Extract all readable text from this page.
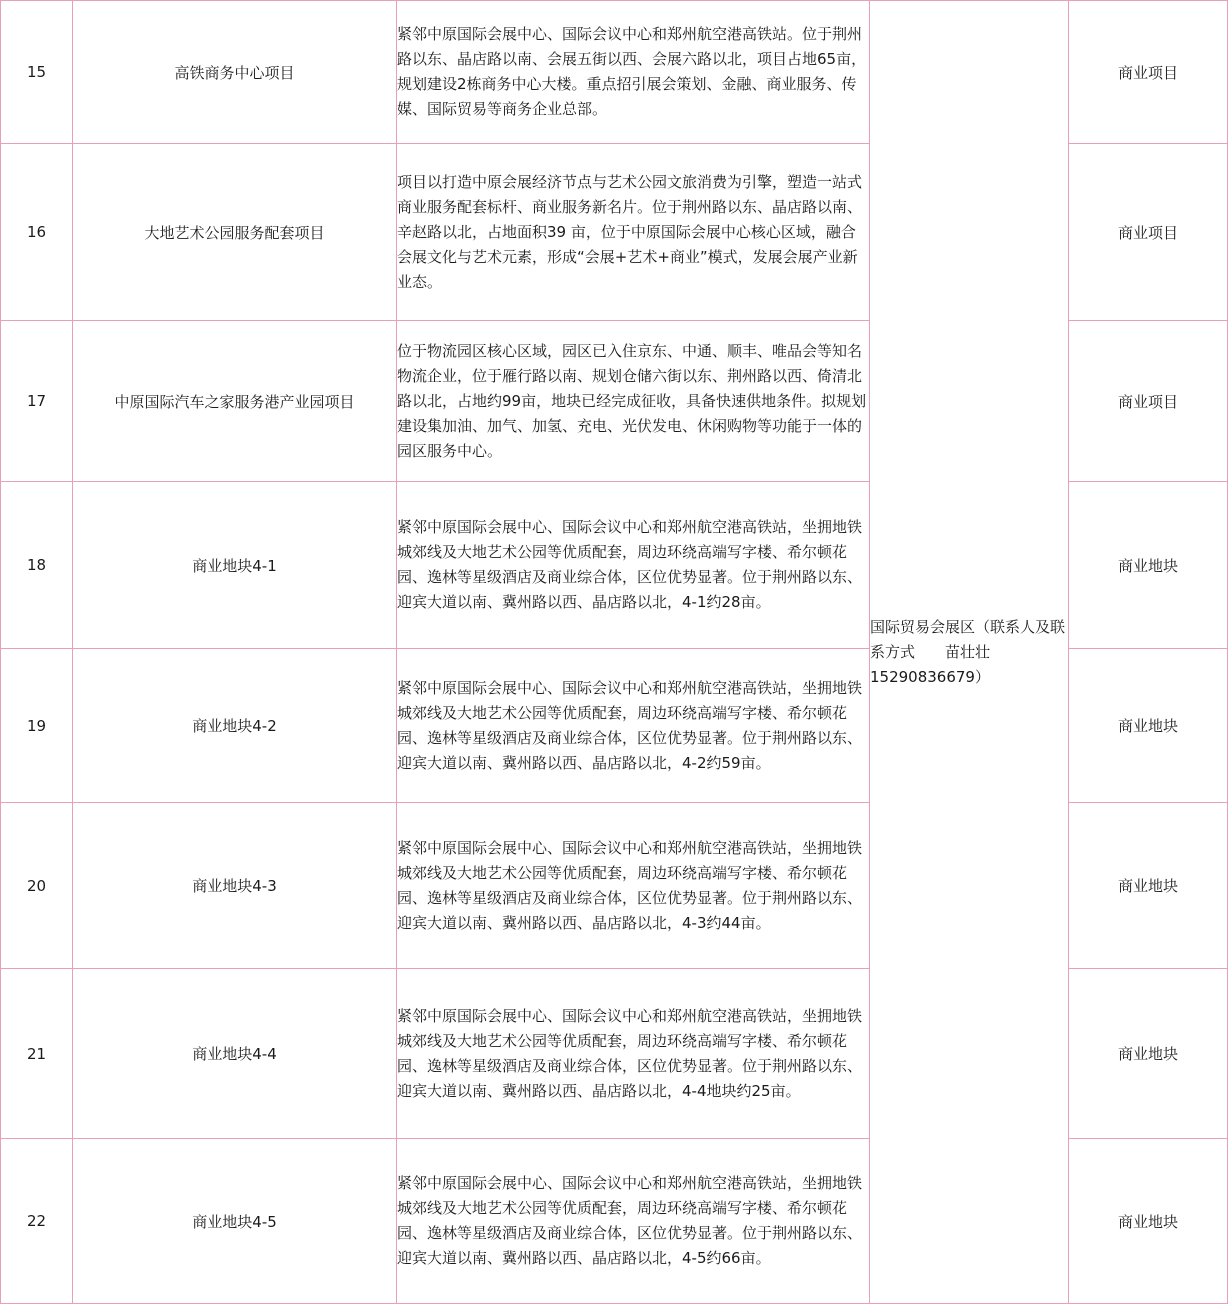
15	高铁商务中心项目	紧邻中原国际会展中心、国际会议中心和郑州航空港高铁站。位于荆州路以东、晶店路以南、会展五街以西、会展六路以北，项目占地65亩，规划建设2栋商务中心大楼。重点招引展会策划、金融、商业服务、传媒、国际贸易等商务企业总部。	国际贸易会展区（联系人及联系方式　　苗壮壮　15290836679）	商业项目
16	大地艺术公园服务配套项目	项目以打造中原会展经济节点与艺术公园文旅消费为引擎，塑造一站式商业服务配套标杆、商业服务新名片。位于荆州路以东、晶店路以南、辛赵路以北，占地面积39 亩，位于中原国际会展中心核心区域，融合会展文化与艺术元素，形成“会展+艺术+商业”模式，发展会展产业新业态。		商业项目
17	中原国际汽车之家服务港产业园项目	位于物流园区核心区域，园区已入住京东、中通、顺丰、唯品会等知名物流企业，位于雁行路以南、规划仓储六街以东、荆州路以西、倚清北路以北，占地约99亩，地块已经完成征收，具备快速供地条件。拟规划建设集加油、加气、加氢、充电、光伏发电、休闲购物等功能于一体的园区服务中心。		商业项目
18	商业地块4-1	紧邻中原国际会展中心、国际会议中心和郑州航空港高铁站，坐拥地铁城郊线及大地艺术公园等优质配套，周边环绕高端写字楼、希尔顿花园、逸林等星级酒店及商业综合体，区位优势显著。位于荆州路以东、迎宾大道以南、冀州路以西、晶店路以北，4-1约28亩。		商业地块
19	商业地块4-2	紧邻中原国际会展中心、国际会议中心和郑州航空港高铁站，坐拥地铁城郊线及大地艺术公园等优质配套，周边环绕高端写字楼、希尔顿花园、逸林等星级酒店及商业综合体，区位优势显著。位于荆州路以东、迎宾大道以南、冀州路以西、晶店路以北，4-2约59亩。		商业地块
20	商业地块4-3	紧邻中原国际会展中心、国际会议中心和郑州航空港高铁站，坐拥地铁城郊线及大地艺术公园等优质配套，周边环绕高端写字楼、希尔顿花园、逸林等星级酒店及商业综合体，区位优势显著。位于荆州路以东、迎宾大道以南、冀州路以西、晶店路以北，4-3约44亩。		商业地块
21	商业地块4-4	紧邻中原国际会展中心、国际会议中心和郑州航空港高铁站，坐拥地铁城郊线及大地艺术公园等优质配套，周边环绕高端写字楼、希尔顿花园、逸林等星级酒店及商业综合体，区位优势显著。位于荆州路以东、迎宾大道以南、冀州路以西、晶店路以北，4-4地块约25亩。		商业地块
22	商业地块4-5	紧邻中原国际会展中心、国际会议中心和郑州航空港高铁站，坐拥地铁城郊线及大地艺术公园等优质配套，周边环绕高端写字楼、希尔顿花园、逸林等星级酒店及商业综合体，区位优势显著。位于荆州路以东、迎宾大道以南、冀州路以西、晶店路以北，4-5约66亩。		商业地块
